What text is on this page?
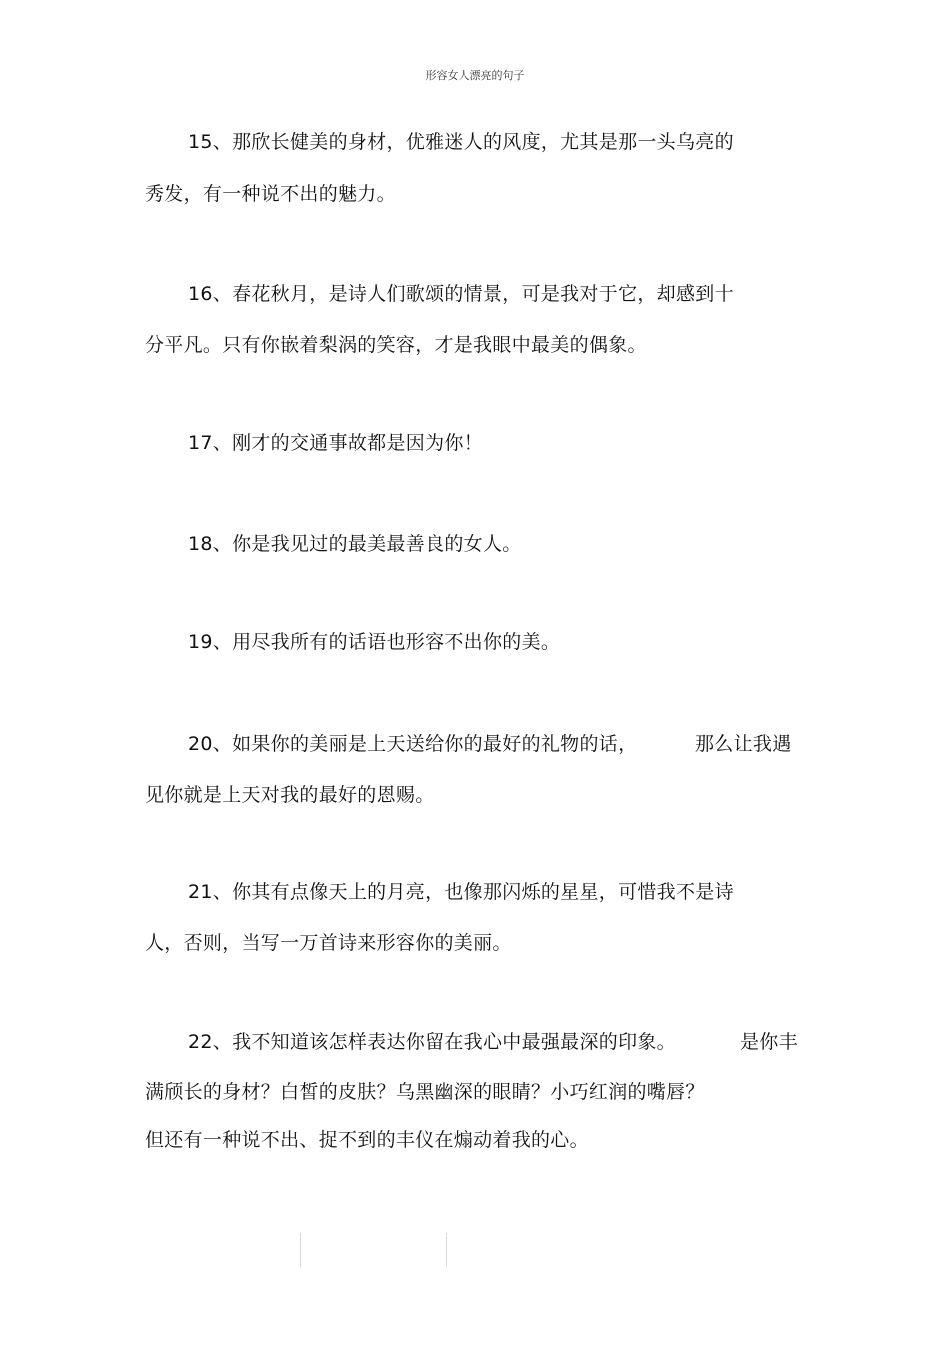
形容女人漂亮的句子
15、那欣长健美的身材，优雅迷人的风度，尤其是那一头乌亮的
秀发，有一种说不出的魅力。
16、春花秋月，是诗人们歌颂的情景，可是我对于它，却感到十
分平凡。只有你嵌着梨涡的笑容，才是我眼中最美的偶象。
17、刚才的交通事故都是因为你！
18、你是我见过的最美最善良的女人。
19、用尽我所有的话语也形容不出你的美。
20、如果你的美丽是上天送给你的最好的礼物的话，	那么让我遇
见你就是上天对我的最好的恩赐。
21、你其有点像天上的月亮，也像那闪烁的星星，可惜我不是诗
人，否则，当写一万首诗来形容你的美丽。
22、我不知道该怎样表达你留在我心中最强最深的印象。	是你丰
满颀长的身材？白皙的皮肤？乌黑幽深的眼睛？小巧红润的嘴唇？
但还有一种说不出、捉不到的丰仪在煽动着我的心。
